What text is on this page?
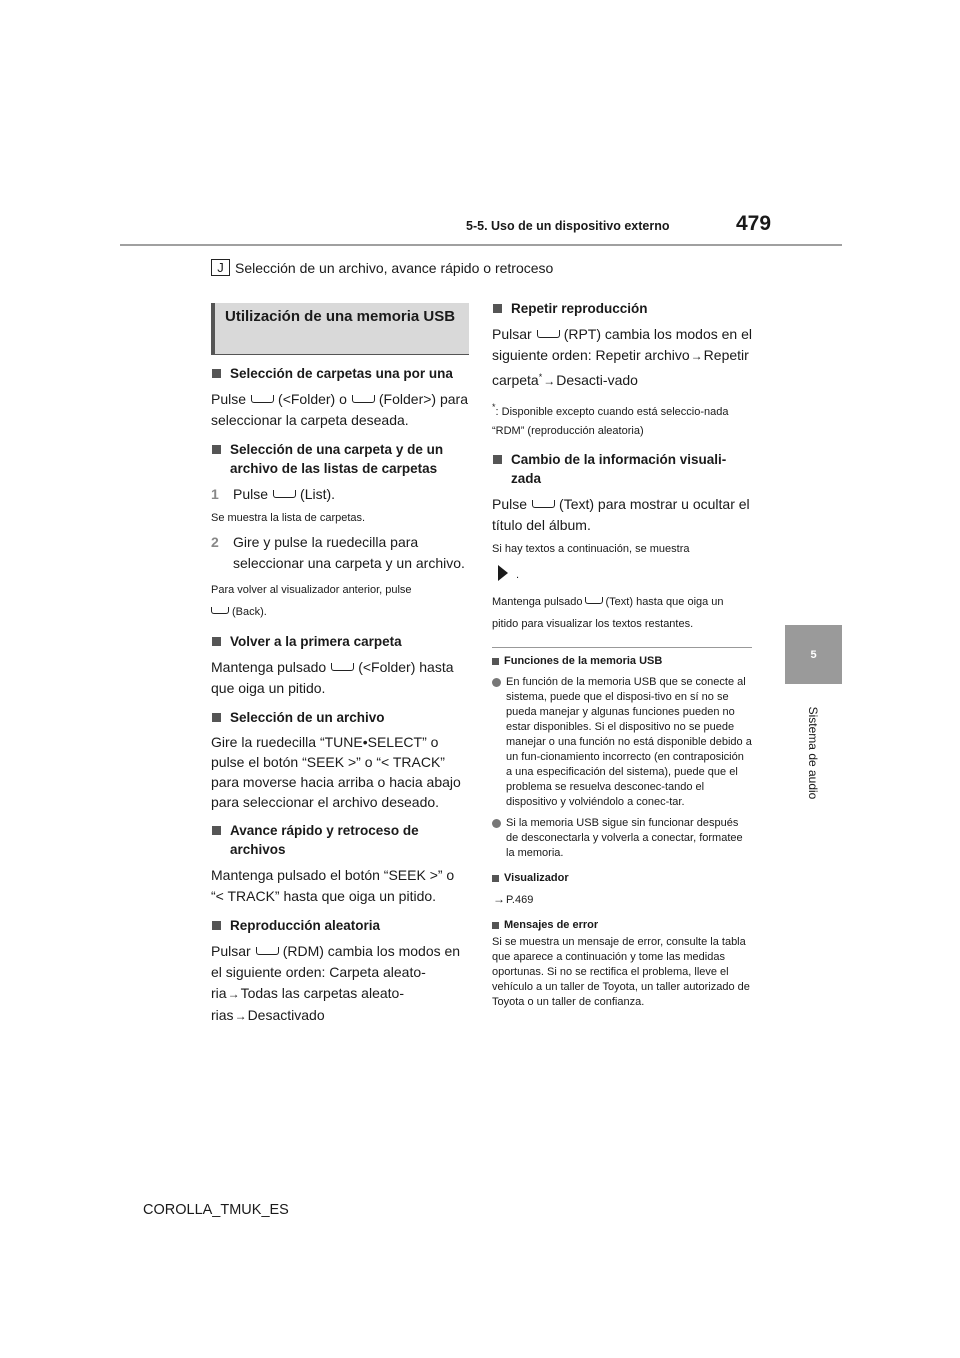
5-5. Uso de un dispositivo externo	479
5
Sistema de audio
J Selección de un archivo, avance rápido o retroceso
Utilización de una memoria USB
Selección de carpetas una por una
Pulse (<Folder) o (Folder>) para seleccionar la carpeta deseada.
Selección de una carpeta y de un archivo de las listas de carpetas
1	Pulse (List).
Se muestra la lista de carpetas.
2	Gire y pulse la ruedecilla para seleccionar una carpeta y un archivo.
Para volver al visualizador anterior, pulse
(Back).
Volver a la primera carpeta
Mantenga pulsado (<Folder) hasta que oiga un pitido.
Selección de un archivo
Gire la ruedecilla “TUNE•SELECT” o pulse el botón “SEEK >” o “< TRACK” para moverse hacia arriba o hacia abajo para seleccionar el archivo deseado.
Avance rápido y retroceso de archivos
Mantenga pulsado el botón “SEEK >” o “< TRACK” hasta que oiga un pitido.
Reproducción aleatoria
Pulsar (RDM) cambia los modos en el siguiente orden: Carpeta aleato-ria→Todas las carpetas aleato-rias→Desactivado
Repetir reproducción
Pulsar (RPT) cambia los modos en el siguiente orden: Repetir archivo→Repetir carpeta*→Desacti-vado
*: Disponible excepto cuando está seleccio-nada “RDM” (reproducción aleatoria)
Cambio de la información visuali-zada
Pulse (Text) para mostrar u ocultar el título del álbum.
Si hay textos a continuación, se muestra
.
Mantenga pulsado (Text) hasta que oiga un pitido para visualizar los textos restantes.
Funciones de la memoria USB
En función de la memoria USB que se conecte al sistema, puede que el disposi-tivo en sí no se pueda manejar y algunas funciones pueden no estar disponibles. Si el dispositivo no se puede manejar o una función no está disponible debido a un fun-cionamiento incorrecto (en contraposición a una especificación del sistema), puede que el problema se resuelva desconec-tando el dispositivo y volviéndolo a conec-tar.
Si la memoria USB sigue sin funcionar después de desconectarla y volverla a conectar, formatee la memoria.
Visualizador
→P.469
Mensajes de error
Si se muestra un mensaje de error, consulte la tabla que aparece a continuación y tome las medidas oportunas. Si no se rectifica el problema, lleve el vehículo a un taller de Toyota, un taller autorizado de Toyota o un taller de confianza.
COROLLA_TMUK_ES
